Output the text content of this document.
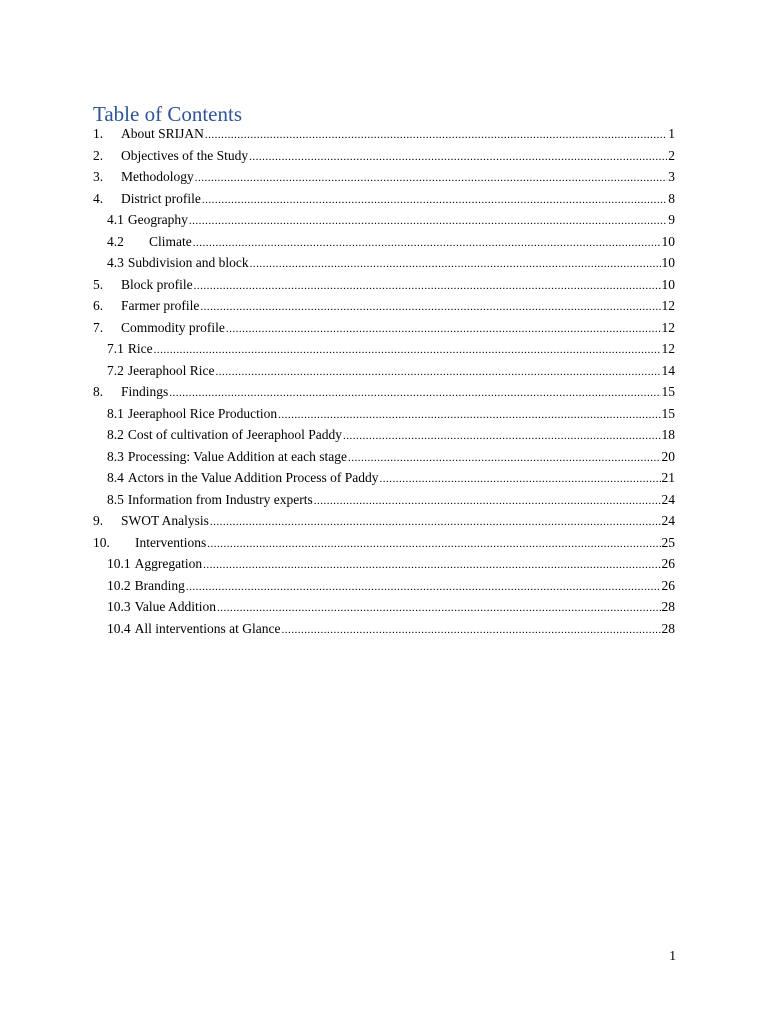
Table of Contents
1.	About SRIJAN .....	1
2.	Objectives of the Study .....	2
3.	Methodology .....	3
4.	District profile .....	8
4.1 Geography .....	9
4.2	Climate .....	10
4.3 Subdivision and block .....	10
5.	Block profile .....	10
6.	Farmer profile .....	12
7.	Commodity profile .....	12
7.1 Rice .....	12
7.2 Jeeraphool Rice .....	14
8.	Findings .....	15
8.1 Jeeraphool Rice Production .....	15
8.2 Cost of cultivation of Jeeraphool Paddy .....	18
8.3 Processing: Value Addition at each stage .....	20
8.4 Actors in the Value Addition Process of Paddy .....	21
8.5 Information from Industry experts .....	24
9.	SWOT Analysis .....	24
10.	Interventions .....	25
10.1 Aggregation .....	26
10.2 Branding .....	26
10.3 Value Addition .....	28
10.4 All interventions at Glance .....	28
1
